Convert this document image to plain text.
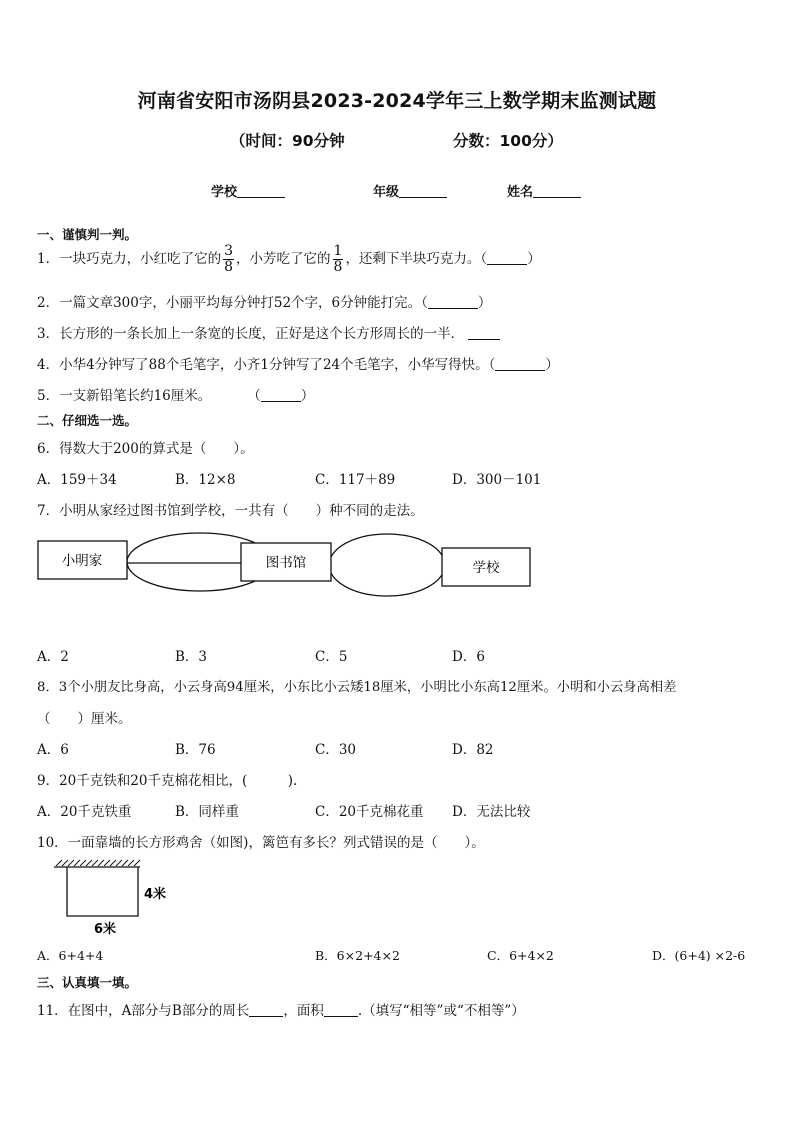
河南省安阳市汤阴县2023-2024学年三上数学期末监测试题
（时间：90分钟	分数：100分）
学校	年级	姓名
一、谨慎判一判。
1．一块巧克力，小红吃了它的 $\frac{3}{8}$ ，小芳吃了它的 $\frac{1}{8}$ ，还剩下半块巧克力。（	）
2．一篇文章300字，小丽平均每分钟打52个字，6分钟能打完。（	）
3．长方形的一条长加上一条宽的长度，正好是这个长方形周长的一半．
4．小华4分钟写了88个毛笔字，小齐1分钟写了24个毛笔字，小华写得快。（	）
5．一支新铅笔长约16厘米。	（	）
二、仔细选一选。
6．得数大于200的算式是（　　）。
A．159＋34	B．12×8	C．117＋89	D．300－101
7．小明从家经过图书馆到学校，一共有（　　）种不同的走法。
小明家	图书馆	学校
A．2	B．3	C．5	D．6
8．3个小朋友比身高，小云身高94厘米，小东比小云矮18厘米，小明比小东高12厘米。小明和小云身高相差
（　　）厘米。
A．6	B．76	C．30	D．82
9．20千克铁和20千克棉花相比，(　　　).
A．20千克铁重	B．同样重	C．20千克棉花重 D．无法比较
10．一面靠墙的长方形鸡舍（如图)，篱笆有多长？列式错误的是（　　）。
4米
6米
A．6+4+4	B．6×2+4×2	C．6+4×2	D．(6+4) ×2-6
三、认真填一填。
11．在图中，A部分与B部分的周长	，面积	.（填写“相等”或“不相等”）
